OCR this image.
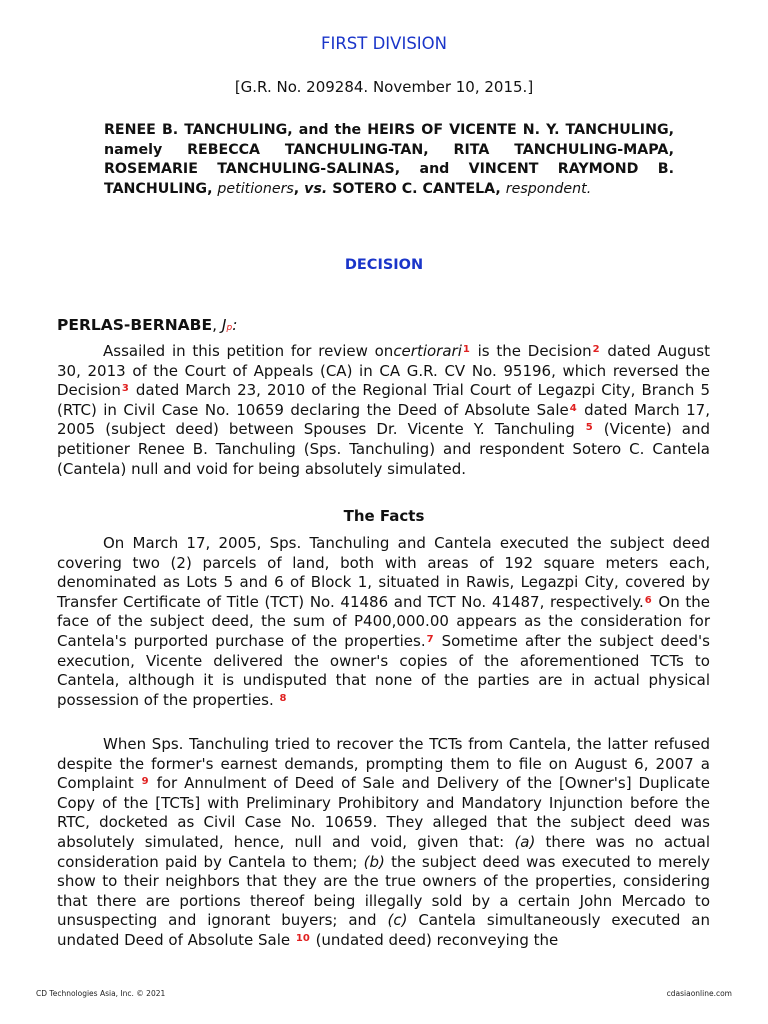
FIRST DIVISION
[G.R. No. 209284. November 10, 2015.]
RENEE B. TANCHULING, and the HEIRS OF VICENTE N. Y. TANCHULING, namely REBECCA TANCHULING-TAN, RITA TANCHULING-MAPA, ROSEMARIE TANCHULING-SALINAS, and VINCENT RAYMOND B. TANCHULING, petitioners, vs. SOTERO C. CANTELA, respondent.
DECISION
PERLAS-BERNABE, Jp:

Assailed in this petition for review oncertiorari$^1$ is the Decision$^2$ dated August 30, 2013 of the Court of Appeals (CA) in CA G.R. CV No. 95196, which reversed the Decision$^3$ dated March 23, 2010 of the Regional Trial Court of Legazpi City, Branch 5 (RTC) in Civil Case No. 10659 declaring the Deed of Absolute Sale$^4$ dated March 17, 2005 (subject deed) between Spouses Dr. Vicente Y. Tanchuling $^5$ (Vicente) and petitioner Renee B. Tanchuling (Sps. Tanchuling) and respondent Sotero C. Cantela (Cantela) null and void for being absolutely simulated.

The Facts

On March 17, 2005, Sps. Tanchuling and Cantela executed the subject deed covering two (2) parcels of land, both with areas of 192 square meters each, denominated as Lots 5 and 6 of Block 1, situated in Rawis, Legazpi City, covered by Transfer Certificate of Title (TCT) No. 41486 and TCT No. 41487, respectively.$^6$ On the face of the subject deed, the sum of P400,000.00 appears as the consideration for Cantela's purported purchase of the properties.$^7$ Sometime after the subject deed's execution, Vicente delivered the owner's copies of the aforementioned TCTs to Cantela, although it is undisputed that none of the parties are in actual physical possession of the properties. $^8$

When Sps. Tanchuling tried to recover the TCTs from Cantela, the latter refused despite the former's earnest demands, prompting them to file on August 6, 2007 a Complaint $^9$ for Annulment of Deed of Sale and Delivery of the [Owner's] Duplicate Copy of the [TCTs] with Preliminary Prohibitory and Mandatory Injunction before the RTC, docketed as Civil Case No. 10659. They alleged that the subject deed was absolutely simulated, hence, null and void, given that: (a) there was no actual consideration paid by Cantela to them; (b) the subject deed was executed to merely show to their neighbors that they are the true owners of the properties, considering that there are portions thereof being illegally sold by a certain John Mercado to unsuspecting and ignorant buyers; and (c) Cantela simultaneously executed an undated Deed of Absolute Sale $^{10}$ (undated deed) reconveying the

CD Technologies Asia, Inc. © 2021	cdasiaonline.com
